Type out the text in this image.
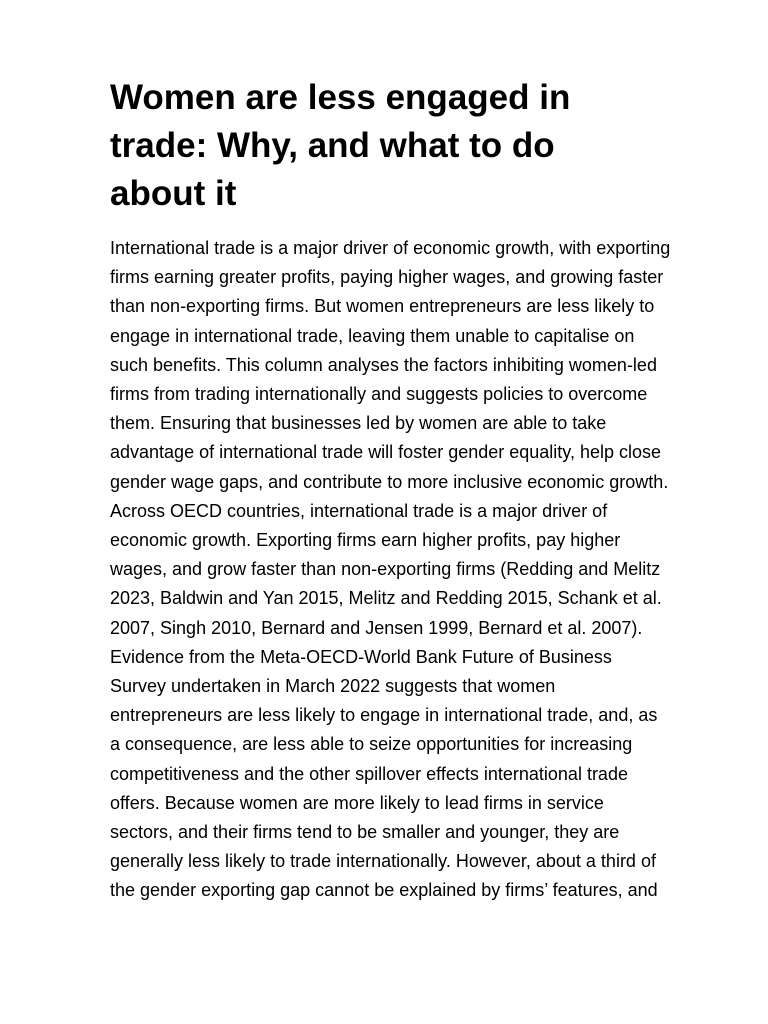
Women are less engaged in
trade: Why, and what to do
about it

International trade is a major driver of economic growth, with exporting
firms earning greater profits, paying higher wages, and growing faster
than non-exporting firms. But women entrepreneurs are less likely to
engage in international trade, leaving them unable to capitalise on
such benefits. This column analyses the factors inhibiting women-led
firms from trading internationally and suggests policies to overcome
them. Ensuring that businesses led by women are able to take
advantage of international trade will foster gender equality, help close
gender wage gaps, and contribute to more inclusive economic growth.
Across OECD countries, international trade is a major driver of
economic growth. Exporting firms earn higher profits, pay higher
wages, and grow faster than non-exporting firms (Redding and Melitz
2023, Baldwin and Yan 2015, Melitz and Redding 2015, Schank et al.
2007, Singh 2010, Bernard and Jensen 1999, Bernard et al. 2007).
Evidence from the Meta-OECD-World Bank Future of Business
Survey undertaken in March 2022 suggests that women
entrepreneurs are less likely to engage in international trade, and, as
a consequence, are less able to seize opportunities for increasing
competitiveness and the other spillover effects international trade
offers. Because women are more likely to lead firms in service
sectors, and their firms tend to be smaller and younger, they are
generally less likely to trade internationally. However, about a third of
the gender exporting gap cannot be explained by firms’ features, and
